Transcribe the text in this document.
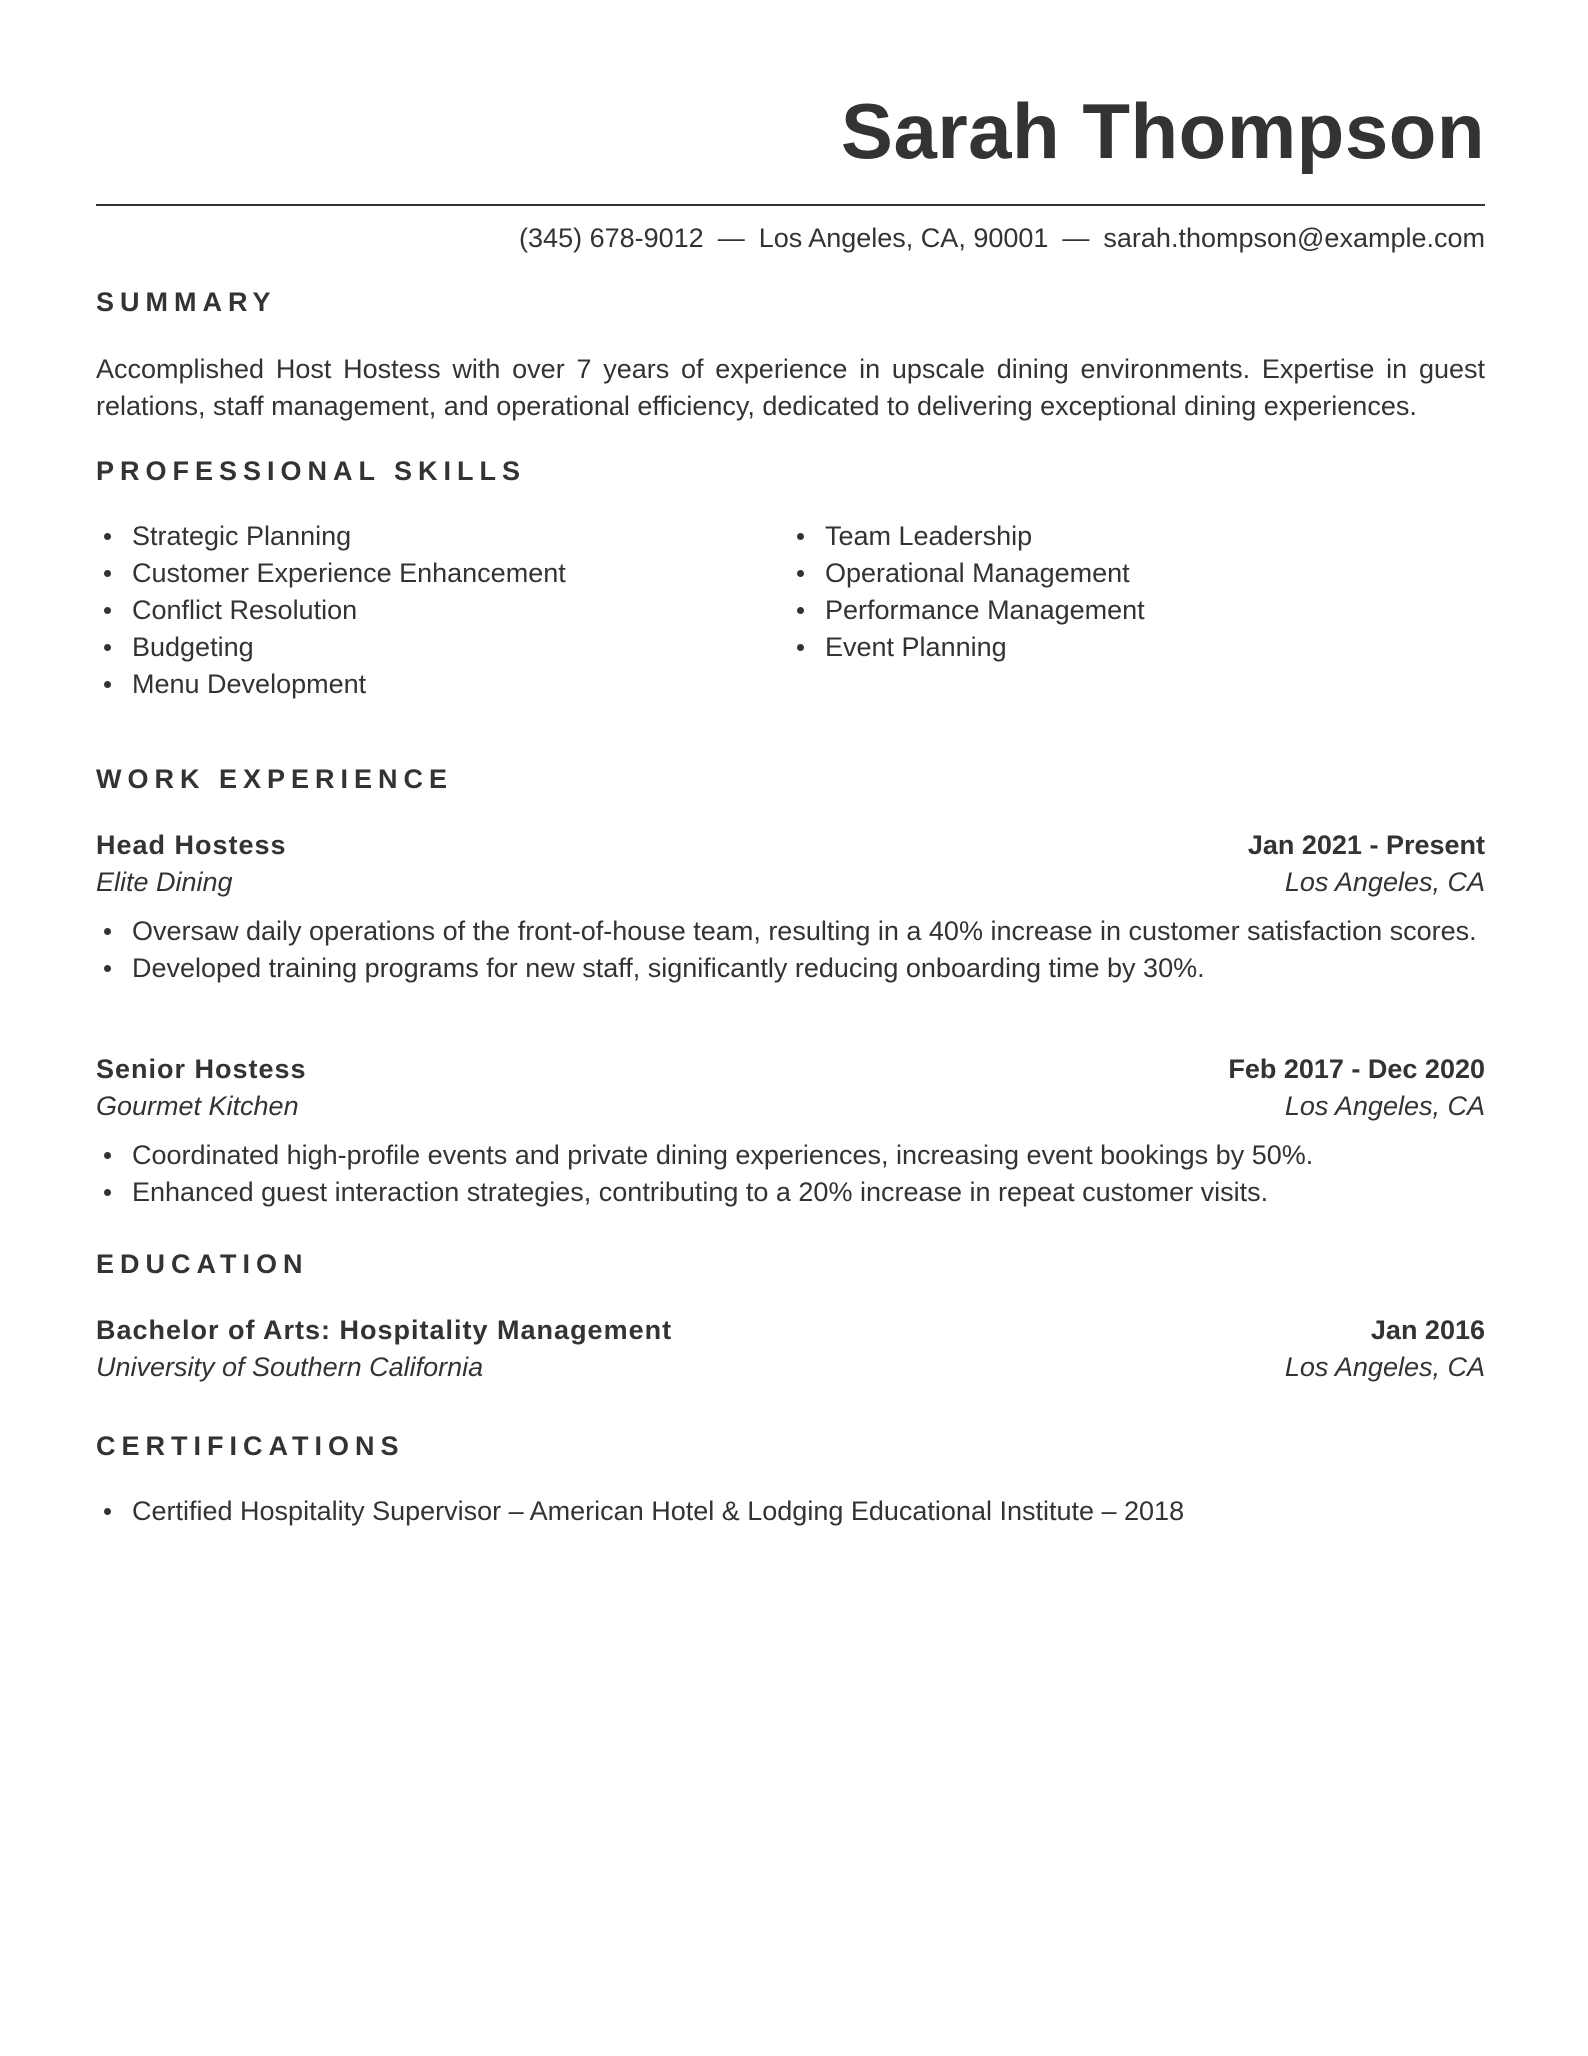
Sarah Thompson
(345) 678-9012 — Los Angeles, CA, 90001 — sarah.thompson@example.com
SUMMARY

Accomplished Host Hostess with over 7 years of experience in upscale dining environments. Expertise in guest relations, staff management, and operational efficiency, dedicated to delivering exceptional dining experiences.

PROFESSIONAL SKILLS
Strategic Planning
Customer Experience Enhancement
Conflict Resolution
Budgeting
Menu Development
Team Leadership
Operational Management
Performance Management
Event Planning
WORK EXPERIENCE
Head Hostess	Jan 2021 - Present
Elite Dining	Los Angeles, CA
Oversaw daily operations of the front-of-house team, resulting in a 40% increase in customer satisfaction scores.
Developed training programs for new staff, significantly reducing onboarding time by 30%.
Senior Hostess	Feb 2017 - Dec 2020
Gourmet Kitchen	Los Angeles, CA
Coordinated high-profile events and private dining experiences, increasing event bookings by 50%.
Enhanced guest interaction strategies, contributing to a 20% increase in repeat customer visits.
EDUCATION
Bachelor of Arts: Hospitality Management	Jan 2016
University of Southern California	Los Angeles, CA
CERTIFICATIONS
Certified Hospitality Supervisor – American Hotel & Lodging Educational Institute – 2018
